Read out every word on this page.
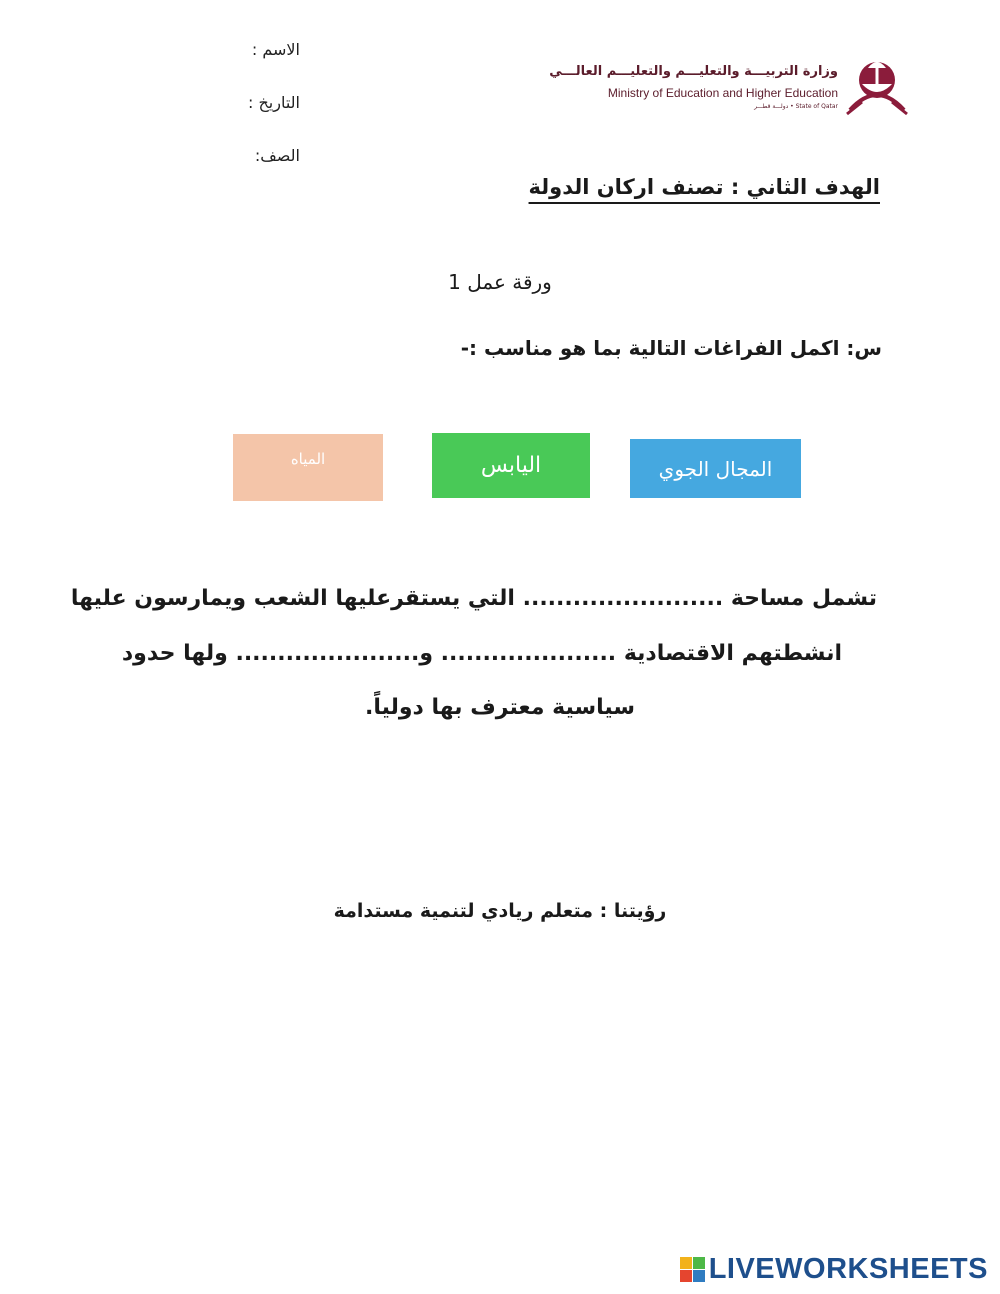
الاسم :
التاريخ :
الصف:
وزارة التربيـــة والتعليـــم والتعليـــم العالـــي
Ministry of Education and Higher Education
State of Qatar • دولـــة قطـــر
الهدف الثاني : تصنف اركان الدولة
ورقة عمل 1
س: اكمل الفراغات التالية بما هو مناسب :-
المياه	اليابس	المجال الجوي
تشمل مساحة ........................ التي يستقرعليها الشعب ويمارسون عليها
انشطتهم الاقتصادية ..................... و...................... ولها حدود
سياسية معترف بها دولياً.
رؤيتنا : متعلم ريادي لتنمية مستدامة
LIVEWORKSHEETS
